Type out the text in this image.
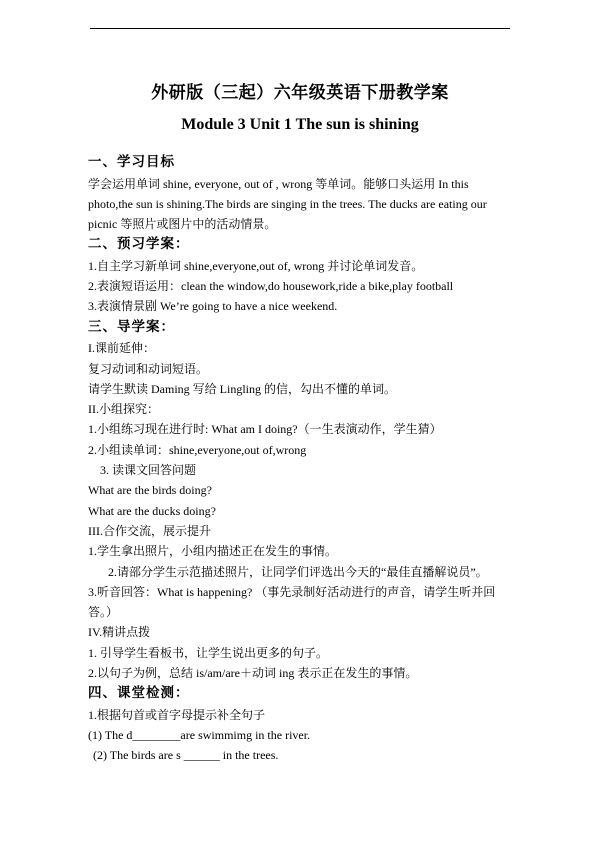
外研版（三起）六年级英语下册教学案
Module 3 Unit 1 The sun is shining
一、学习目标
学会运用单词 shine, everyone, out of , wrong 等单词。能够口头运用 In this
photo,the sun is shining.The birds are singing in the trees. The ducks are eating our
picnic 等照片或图片中的活动情景。
二、预习学案：
1.自主学习新单词 shine,everyone,out of, wrong 并讨论单词发音。
2.表演短语运用：clean the window,do housework,ride a bike,play football
3.表演情景剧 We’re going to have a nice weekend.
三、导学案：
I.课前延伸：
复习动词和动词短语。
请学生默读 Daming 写给 Lingling 的信，勾出不懂的单词。
II.小组探究：
1.小组练习现在进行时: What am I doing?（一生表演动作，学生猜）
2.小组读单词：shine,everyone,out of,wrong
3. 读课文回答问题
What are the birds doing?
What are the ducks doing?
III.合作交流，展示提升
1.学生拿出照片，小组内描述正在发生的事情。
2.请部分学生示范描述照片，让同学们评选出今天的“最佳直播解说员”。
3.听音回答：What is happening? （事先录制好活动进行的声音，请学生听并回
答。）
IV.精讲点拨
1. 引导学生看板书，让学生说出更多的句子。
2.以句子为例，总结 is/am/are＋动词 ing 表示正在发生的事情。
四、课堂检测：
1.根据句首或首字母提示补全句子
(1) The d________are swimmimg in the river.
(2) The birds are s ______ in the trees.
